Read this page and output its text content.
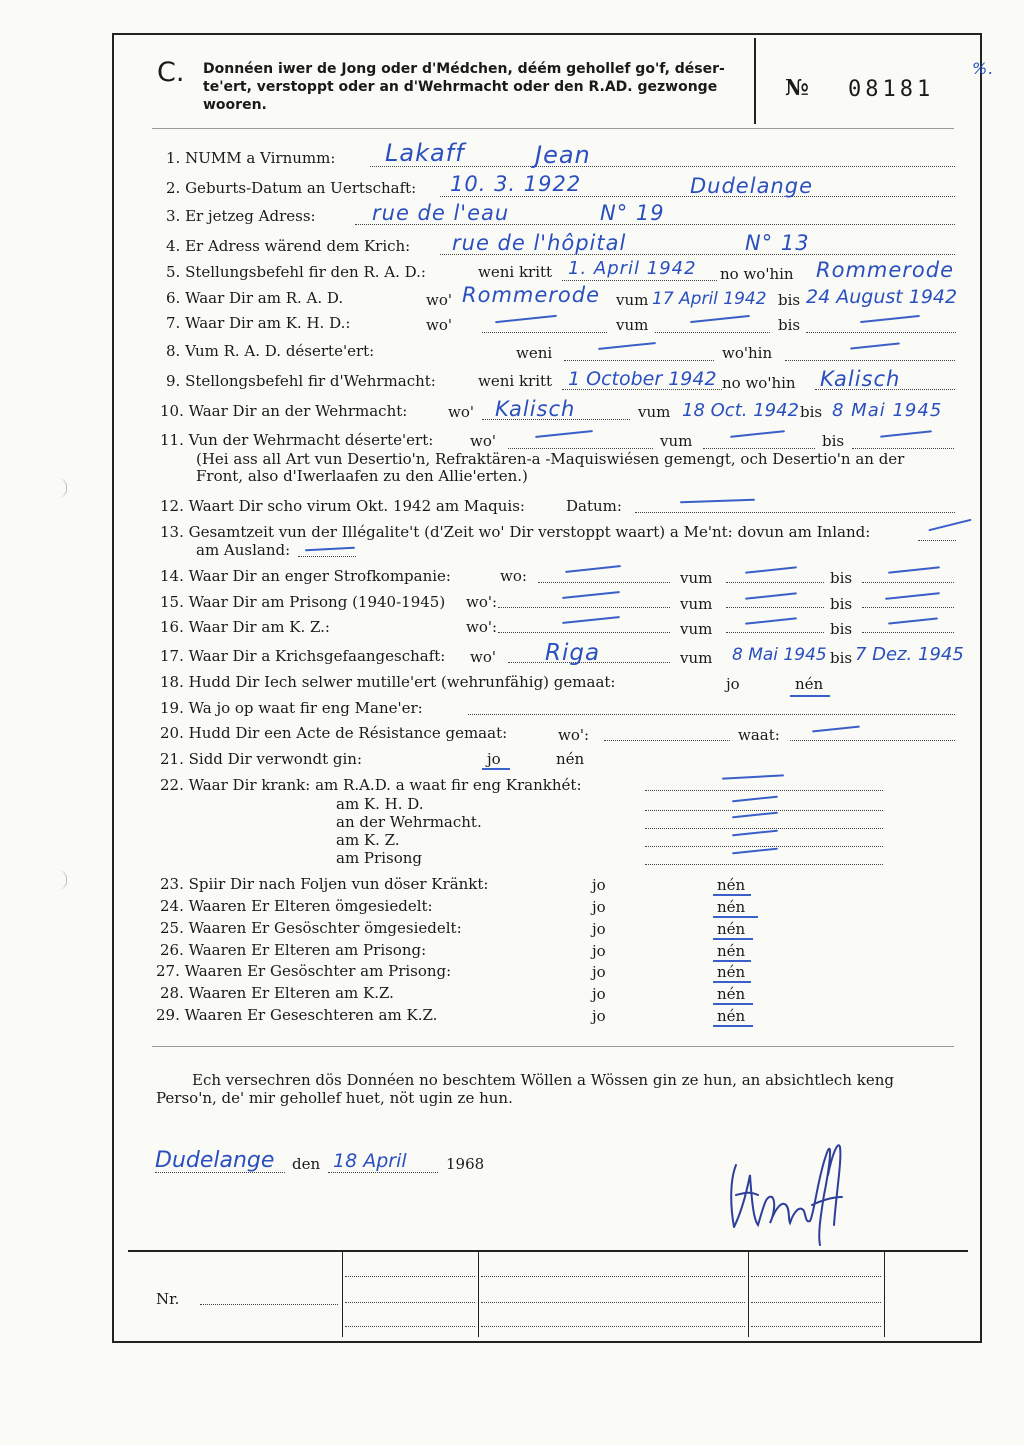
C. Donnéen iwer de Jong oder d'Médchen, déém gehollef go'f, déser-
te'ert, verstoppt oder an d'Wehrmacht oder den R.AD. gezwonge
wooren.
№ 08181
%.
1. NUMM a Virnumm: Lakaff	Jean
2. Geburts-Datum an Uertschaft: 10. 3. 1922	Dudelange
3. Er jetzeg Adress:	rue de l'eau	N° 19
4. Er Adress wärend dem Krich: rue de l'hôpital	N° 13
5. Stellungsbefehl fir den R. A. D.:	weni kritt 1. April 1942 no wo'hin Rommerode
6. Waar Dir am R. A. D.	wo' Rommerode vum 17 April 1942 bis 24 August 1942
7. Waar Dir am K. H. D.:	wo'	vum	bis
8. Vum R. A. D. déserte'ert:	weni	wo'hin
9. Stellongsbefehl fir d'Wehrmacht:	weni kritt 1 October 1942 no wo'hin Kalisch
10. Waar Dir an der Wehrmacht:	wo' Kalisch	vum 18 Oct. 1942 bis 8 Mai 1945
11. Vun der Wehrmacht déserte'ert: wo'	vum	bis
(Hei ass all Art vun Desertio'n, Refraktären-a -Maquiswiésen gemengt, och Desertio'n an der
Front, also d'Iwerlaafen zu den Allie'erten.)
12. Waart Dir scho virum Okt. 1942 am Maquis:	Datum:
13. Gesamtzeit vun der Illégalite't (d'Zeit wo' Dir verstoppt waart) a Me'nt: dovun am Inland:
am Ausland:
14. Waar Dir an enger Strofkompanie:	wo:	vum	bis
15. Waar Dir am Prisong (1940-1945) wo':	vum	bis
16. Waar Dir am K. Z.:	wo':	vum	bis
17. Waar Dir a Krichsgefaangeschaft: wo' Riga	vum 8 Mai 1945 bis 7 Dez. 1945
18. Hudd Dir Iech selwer mutille'ert (wehrunfähig) gemaat:	jo	nén
19. Wa jo op waat fir eng Mane'er:
20. Hudd Dir een Acte de Résistance gemaat:	wo':	waat:
21. Sidd Dir verwondt gin:	jo	nén
22. Waar Dir krank: am R.A.D. a waat fir eng Krankhét:
am K. H. D.
an der Wehrmacht.
am K. Z.
am Prisong
23. Spiir Dir nach Foljen vun döser Kränkt:	jo	nén
24. Waaren Er Elteren ömgesiedelt:	jo	nén
25. Waaren Er Gesöschter ömgesiedelt:	jo	nén
26. Waaren Er Elteren am Prisong:	jo	nén
27. Waaren Er Gesöschter am Prisong:	jo	nén
28. Waaren Er Elteren am K.Z.	jo	nén
29. Waaren Er Geseschteren am K.Z.	jo	nén
Ech versechren dös Donnéen no beschtem Wöllen a Wössen gin ze hun, an absichtlech keng
Perso'n, de' mir gehollef huet, nöt ugin ze hun.
Dudelange den 18 April	1968
Nr.
